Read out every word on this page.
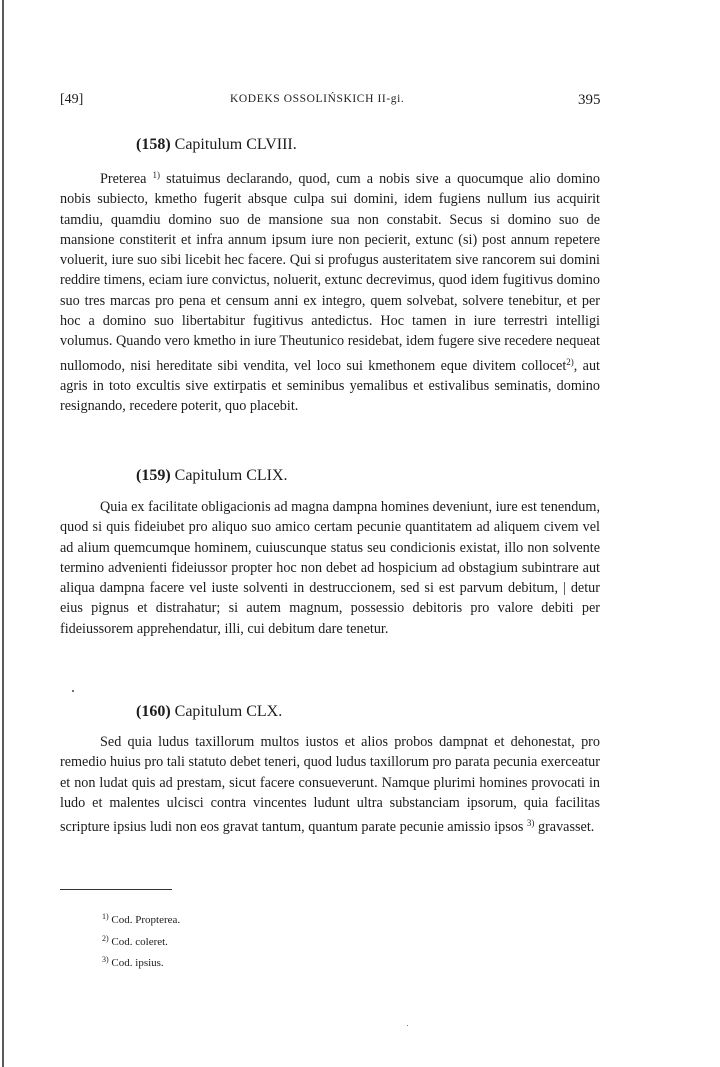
[49]	KODEKS OSSOLIŃSKICH II-gi.	395
(158) Capitulum CLVIII.

Preterea $^{1)}$ statuimus declarando, quod, cum a nobis sive a quocumque alio domino nobis subiecto, kmetho fugerit absque culpa sui domini, idem fugiens nullum ius acquirit tamdiu, quamdiu domino suo de mansione sua non constabit. Secus si domino suo de mansione constiterit et infra annum ipsum iure non pecierit, extunc (si) post annum repetere voluerit, iure suo sibi licebit hec facere. Qui si profugus austeritatem sive rancorem sui domini reddire timens, eciam iure convictus, noluerit, extunc decrevimus, quod idem fugitivus domino suo tres marcas pro pena et censum anni ex integro, quem solvebat, solvere tenebitur, et per hoc a domino suo libertabitur fugitivus antedictus. Hoc tamen in iure terrestri intelligi volumus. Quando vero kmetho in iure Theutunico residebat, idem fugere sive recedere nequeat nullomodo, nisi hereditate sibi vendita, vel loco sui kmethonem eque divitem collocet$^{2)}$, aut agris in toto excultis sive extirpatis et seminibus yemalibus et estivalibus seminatis, domino resignando, recedere poterit, quo placebit.

(159) Capitulum CLIX.

Quia ex facilitate obligacionis ad magna dampna homines deveniunt, iure est tenendum, quod si quis fideiubet pro aliquo suo amico certam pecunie quantitatem ad aliquem civem vel ad alium quemcumque hominem, cuiuscunque status seu condicionis existat, illo non solvente termino advenienti fideiussor propter hoc non debet ad hospicium ad obstagium subintrare aut aliqua dampna facere vel iuste solventi in destruccionem, sed si est parvum debitum, | detur eius pignus et distrahatur; si autem magnum, possessio debitoris pro valore debiti per fideiussorem apprehendatur, illi, cui debitum dare tenetur.

(160) Capitulum CLX.

Sed quia ludus taxillorum multos iustos et alios probos dampnat et dehonestat, pro remedio huius pro tali statuto debet teneri, quod ludus taxillorum pro parata pecunia exerceatur et non ludat quis ad prestam, sicut facere consueverunt. Namque plurimi homines provocati in ludo et malentes ulcisci contra vincentes ludunt ultra substanciam ipsorum, quia facilitas scripture ipsius ludi non eos gravat tantum, quantum parate pecunie amissio ipsos $^{3)}$ gravasset.

$^{1)}$ Cod. Propterea.
$^{2)}$ Cod. coleret.
$^{3)}$ Cod. ipsius.
